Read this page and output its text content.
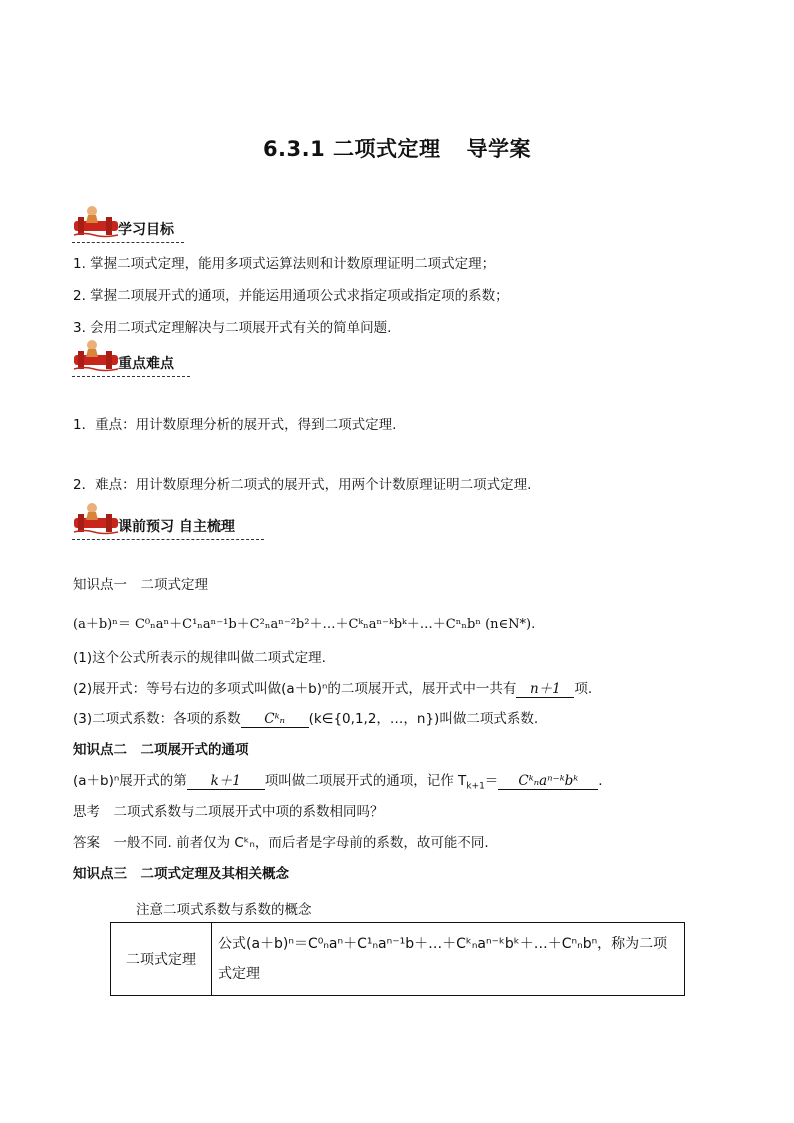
6.3.1 二项式定理 导学案
学习目标
1. 掌握二项式定理，能用多项式运算法则和计数原理证明二项式定理；
2. 掌握二项展开式的通项，并能运用通项公式求指定项或指定项的系数；
3. 会用二项式定理解决与二项展开式有关的简单问题.
重点难点
1．重点：用计数原理分析的展开式，得到二项式定理.
2．难点：用计数原理分析二项式的展开式，用两个计数原理证明二项式定理.
课前预习 自主梳理
知识点一　二项式定理
(a＋b)ⁿ＝ C⁰ₙaⁿ＋C¹ₙaⁿ⁻¹b＋C²ₙaⁿ⁻²b²＋…＋Cᵏₙaⁿ⁻ᵏbᵏ＋…＋Cⁿₙbⁿ (n∈N*).
(1)这个公式所表示的规律叫做二项式定理.
(2)展开式：等号右边的多项式叫做(a＋b)ⁿ的二项展开式，展开式中一共有 n＋1 项.
(3)二项式系数：各项的系数 Cᵏₙ (k∈{0,1,2，…，n})叫做二项式系数.
知识点二　二项展开式的通项
(a＋b)ⁿ展开式的第 k＋1 项叫做二项展开式的通项，记作 $T_{k+1}=$ Cᵏₙaⁿ⁻ᵏbᵏ .
思考　二项式系数与二项展开式中项的系数相同吗？
答案　一般不同. 前者仅为 Cᵏₙ，而后者是字母前的系数，故可能不同.
知识点三　二项式定理及其相关概念
注意二项式系数与系数的概念
二项式定理	公式(a＋b)ⁿ＝C⁰ₙaⁿ＋C¹ₙaⁿ⁻¹b＋…＋Cᵏₙaⁿ⁻ᵏbᵏ＋…＋Cⁿₙbⁿ，称为二项式定理
